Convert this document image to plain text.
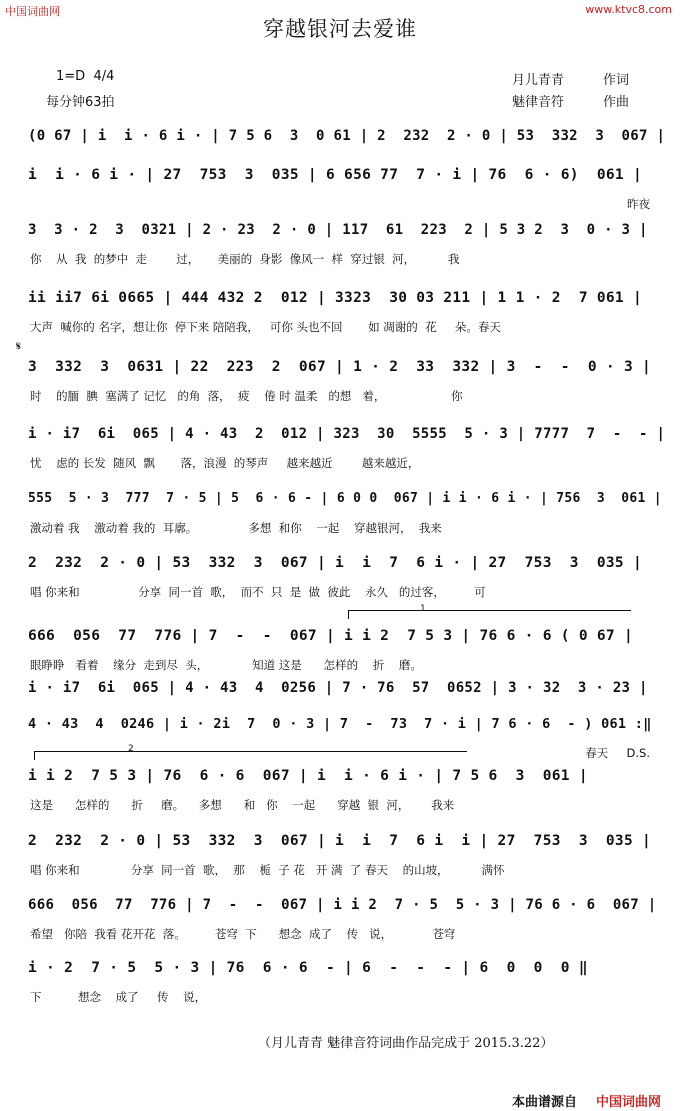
中国词曲网	www.ktvc8.com
穿越银河去爱谁
1=D  4/4
每分钟63拍
月儿青青	作词
魅律音符	作曲
(0 67 | i  i · 6 i · | 7 5 6  3  0 61 | 2  232  2 · 0 | 53  332  3  067 |
i  i · 6 i · | 27  753  3  035 | 6 656 77  7 · i | 76  6 · 6)  061 |
昨夜
3  3 · 2  3  0321 | 2 · 23  2 · 0 | 117  61  223  2 | 5 3 2  3  0 · 3 |
你    从  我  的梦中  走        过，     美丽的  身影  像风一  样  穿过银  河，         我
ii ii7 6i 0665 | 444 432 2  012 | 3323  30 03 211 | 1 1 · 2  7 061 |
大声  喊你的 名字，想让你  停下来 陪陪我，   可你 头也不回       如 凋谢的  花     朵。春天
𝄋
3  332  3  0631 | 22  223  2  067 | 1 · 2  33  332 | 3  -  -  0 · 3 |
时    的腼  腆  塞满了 记忆   的角  落，  疲    倦 时 温柔   的想   着，                  你
i · i7  6i  065 | 4 · 43  2  012 | 323  30  5555  5 · 3 | 7777  7  -  - |
忧    虑的 长发  随风  飘       落，浪漫  的琴声     越来越近        越来越近，
555  5 · 3  777  7 · 5 | 5  6 · 6 - | 6 0 0  067 | i i · 6 i · | 756  3  061 |
激动着 我    激动着 我的  耳廓。              多想  和你    一起    穿越银河，  我来
2  232  2 · 0 | 53  332  3  067 | i  i  7  6 i · | 27  753  3  035 |
唱 你来和                分享  同一首  歌，  而不  只  是  做  彼此    永久   的过客，        可
1
666  056  77  776 | 7  -  -  067 | i i 2  7 5 3 | 76 6 · 6 ( 0 67 |
眼睁睁   看着    缘分  走到尽  头，            知道 这是      怎样的    折    磨。
i · i7  6i  065 | 4 · 43  4  0256 | 7 · 76  57  0652 | 3 · 32  3 · 23 |
4 · 43  4  0246 | i · 2i  7  0 · 3 | 7  -  73  7 · i | 7 6 · 6  - ) 061 :‖
春天     D.S.
2
i i 2  7 5 3 | 76  6 · 6  067 | i  i · 6 i · | 7 5 6  3  061 |
这是      怎样的      折     磨。    多想      和   你    一起      穿越  银  河，      我来
2  232  2 · 0 | 53  332  3  067 | i  i  7  6 i  i | 27  753  3  035 |
唱 你来和              分享  同一首  歌，  那    栀  子 花   开 满  了 春天    的山坡，         满怀
666  056  77  776 | 7  -  -  067 | i i 2  7 · 5  5 · 3 | 76 6 · 6  067 |
希望   你陪  我看 花开花  落。        苍穹  下      想念  成了    传   说，           苍穹
i · 2  7 · 5  5 · 3 | 76  6 · 6  - | 6  -  -  - | 6  0  0  0 ‖
下          想念    成了     传    说，
（月儿青青 魅律音符词曲作品完成于 2015.3.22）
本曲谱源自 中国词曲网
